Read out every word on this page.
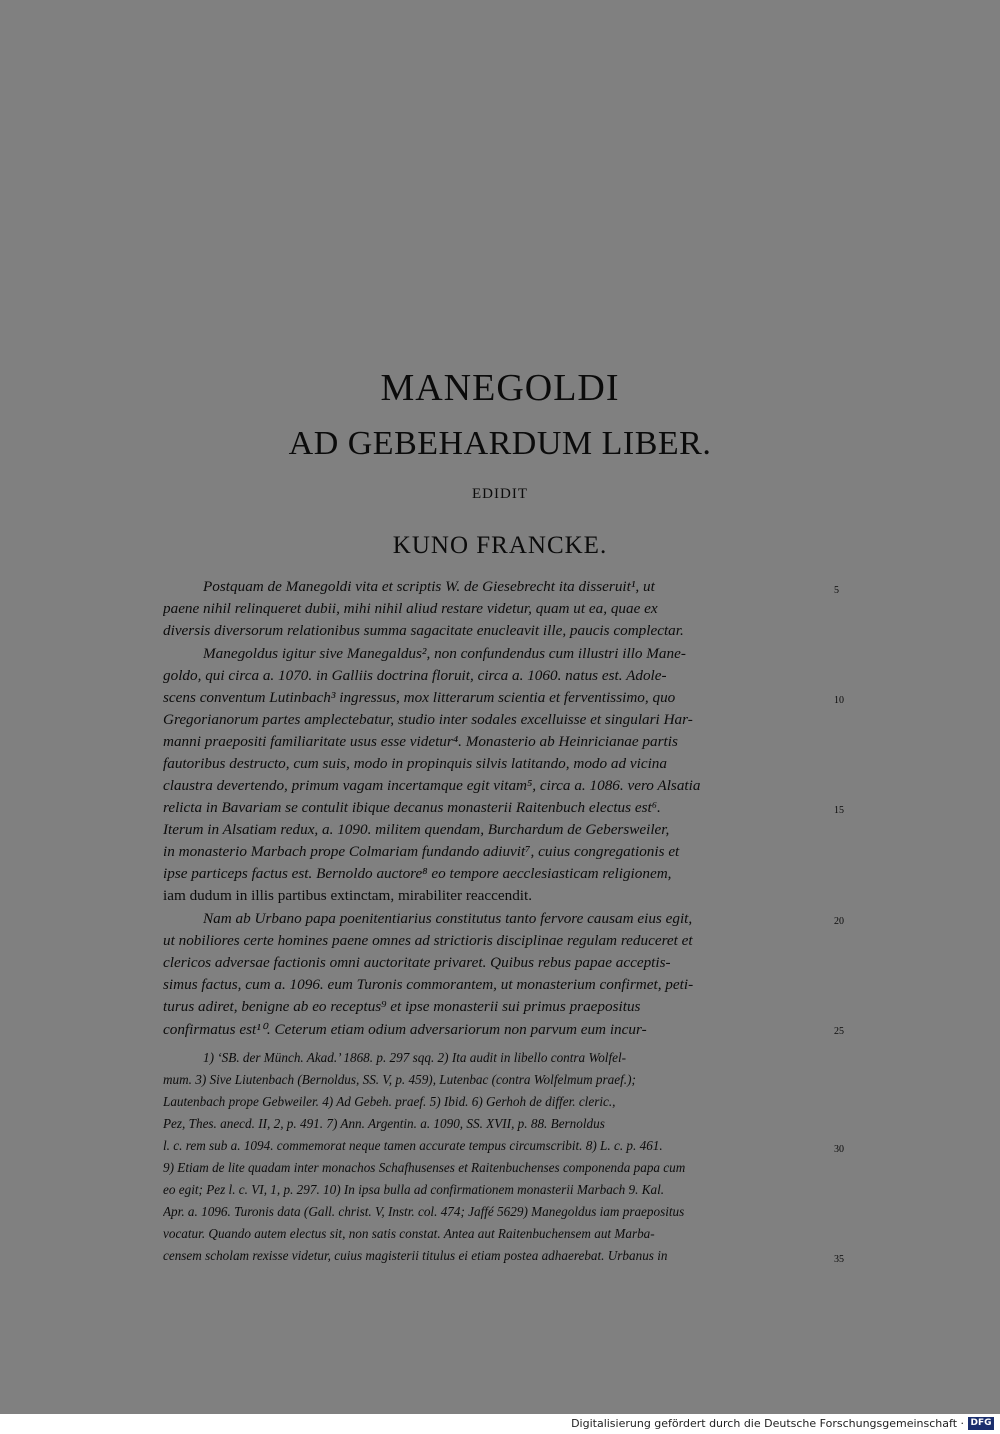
MANEGOLDI
AD GEBEHARDUM LIBER.
EDIDIT
KUNO FRANCKE.
Postquam de Manegoldi vita et scriptis W. de Giesebrecht ita disseruit¹, ut
paene nihil relinqueret dubii, mihi nihil aliud restare videtur, quam ut ea, quae ex
diversis diversorum relationibus summa sagacitate enucleavit ille, paucis complectar.
Manegoldus igitur sive Manegaldus², non confundendus cum illustri illo Mane-
goldo, qui circa a. 1070. in Galliis doctrina floruit, circa a. 1060. natus est. Adole-
scens conventum Lutinbach³ ingressus, mox litterarum scientia et ferventissimo, quo
Gregorianorum partes amplectebatur, studio inter sodales excelluisse et singulari Har-
manni praepositi familiaritate usus esse videtur⁴. Monasterio ab Heinricianae partis
fautoribus destructo, cum suis, modo in propinquis silvis latitando, modo ad vicina
claustra devertendo, primum vagam incertamque egit vitam⁵, circa a. 1086. vero Alsatia
relicta in Bavariam se contulit ibique decanus monasterii Raitenbuch electus est⁶.
Iterum in Alsatiam redux, a. 1090. militem quendam, Burchardum de Gebersweiler,
in monasterio Marbach prope Colmariam fundando adiuvit⁷, cuius congregationis et
ipse particeps factus est. Bernoldo auctore⁸ eo tempore aecclesiasticam religionem,
iam dudum in illis partibus extinctam, mirabiliter reaccendit.
Nam ab Urbano papa poenitentiarius constitutus tanto fervore causam eius egit,
ut nobiliores certe homines paene omnes ad strictioris disciplinae regulam reduceret et
clericos adversae factionis omni auctoritate privaret. Quibus rebus papae acceptis-
simus factus, cum a. 1096. eum Turonis commorantem, ut monasterium confirmet, peti-
turus adiret, benigne ab eo receptus⁹ et ipse monasterii sui primus praepositus
confirmatus est¹⁰. Ceterum etiam odium adversariorum non parvum eum incur-
1) ‘SB. der Münch. Akad.’ 1868. p. 297 sqq. 2) Ita audit in libello contra Wolfel-
mum. 3) Sive Liutenbach (Bernoldus, SS. V, p. 459), Lutenbac (contra Wolfelmum praef.);
Lautenbach prope Gebweiler. 4) Ad Gebeh. praef. 5) Ibid. 6) Gerhoh de differ. cleric.,
Pez, Thes. anecd. II, 2, p. 491. 7) Ann. Argentin. a. 1090, SS. XVII, p. 88. Bernoldus
l. c. rem sub a. 1094. commemorat neque tamen accurate tempus circumscribit. 8) L. c. p. 461.
9) Etiam de lite quadam inter monachos Schafhusenses et Raitenbuchenses componenda papa cum
eo egit; Pez l. c. VI, 1, p. 297. 10) In ipsa bulla ad confirmationem monasterii Marbach 9. Kal.
Apr. a. 1096. Turonis data (Gall. christ. V, Instr. col. 474; Jaffé 5629) Manegoldus iam praepositus
vocatur. Quando autem electus sit, non satis constat. Antea aut Raitenbuchensem aut Marba-
censem scholam rexisse videtur, cuius magisterii titulus ei etiam postea adhaerebat. Urbanus in
5
10
15
20
25
30
35
Digitalisierung gefördert durch die Deutsche Forschungsgemeinschaft · DFG
